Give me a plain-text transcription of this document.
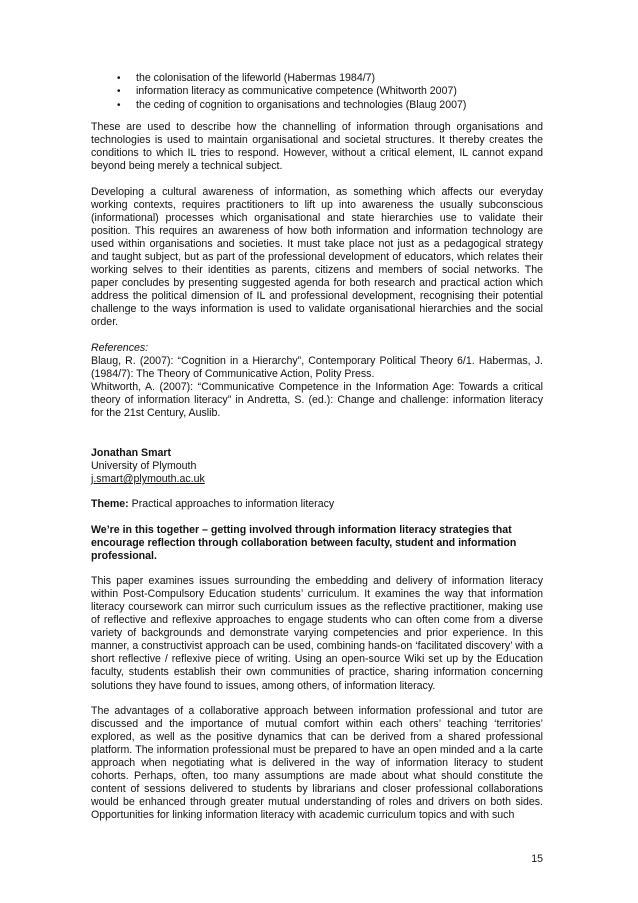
• the colonisation of the lifeworld (Habermas 1984/7)
• information literacy as communicative competence (Whitworth 2007)
• the ceding of cognition to organisations and technologies (Blaug 2007)

These are used to describe how the channelling of information through organisations and technologies is used to maintain organisational and societal structures. It thereby creates the conditions to which IL tries to respond. However, without a critical element, IL cannot expand beyond being merely a technical subject.

Developing a cultural awareness of information, as something which affects our everyday working contexts, requires practitioners to lift up into awareness the usually subconscious (informational) processes which organisational and state hierarchies use to validate their position. This requires an awareness of how both information and information technology are used within organisations and societies. It must take place not just as a pedagogical strategy and taught subject, but as part of the professional development of educators, which relates their working selves to their identities as parents, citizens and members of social networks. The paper concludes by presenting suggested agenda for both research and practical action which address the political dimension of IL and professional development, recognising their potential challenge to the ways information is used to validate organisational hierarchies and the social order.

References:

Blaug, R. (2007): “Cognition in a Hierarchy”, Contemporary Political Theory 6/1. Habermas, J. (1984/7): The Theory of Communicative Action, Polity Press.

Whitworth, A. (2007): “Communicative Competence in the Information Age: Towards a critical theory of information literacy” in Andretta, S. (ed.): Change and challenge: information literacy for the 21st Century, Auslib.

Jonathan Smart
University of Plymouth
j.smart@plymouth.ac.uk

Theme: Practical approaches to information literacy

We’re in this together – getting involved through information literacy strategies that encourage reflection through collaboration between faculty, student and information professional.

This paper examines issues surrounding the embedding and delivery of information literacy within Post-Compulsory Education students’ curriculum. It examines the way that information literacy coursework can mirror such curriculum issues as the reflective practitioner, making use of reflective and reflexive approaches to engage students who can often come from a diverse variety of backgrounds and demonstrate varying competencies and prior experience. In this manner, a constructivist approach can be used, combining hands-on ‘facilitated discovery’ with a short reflective / reflexive piece of writing. Using an open-source Wiki set up by the Education faculty, students establish their own communities of practice, sharing information concerning solutions they have found to issues, among others, of information literacy.

The advantages of a collaborative approach between information professional and tutor are discussed and the importance of mutual comfort within each others’ teaching ‘territories’ explored, as well as the positive dynamics that can be derived from a shared professional platform. The information professional must be prepared to have an open minded and a la carte approach when negotiating what is delivered in the way of information literacy to student cohorts. Perhaps, often, too many assumptions are made about what should constitute the content of sessions delivered to students by librarians and closer professional collaborations would be enhanced through greater mutual understanding of roles and drivers on both sides. Opportunities for linking information literacy with academic curriculum topics and with such

15
